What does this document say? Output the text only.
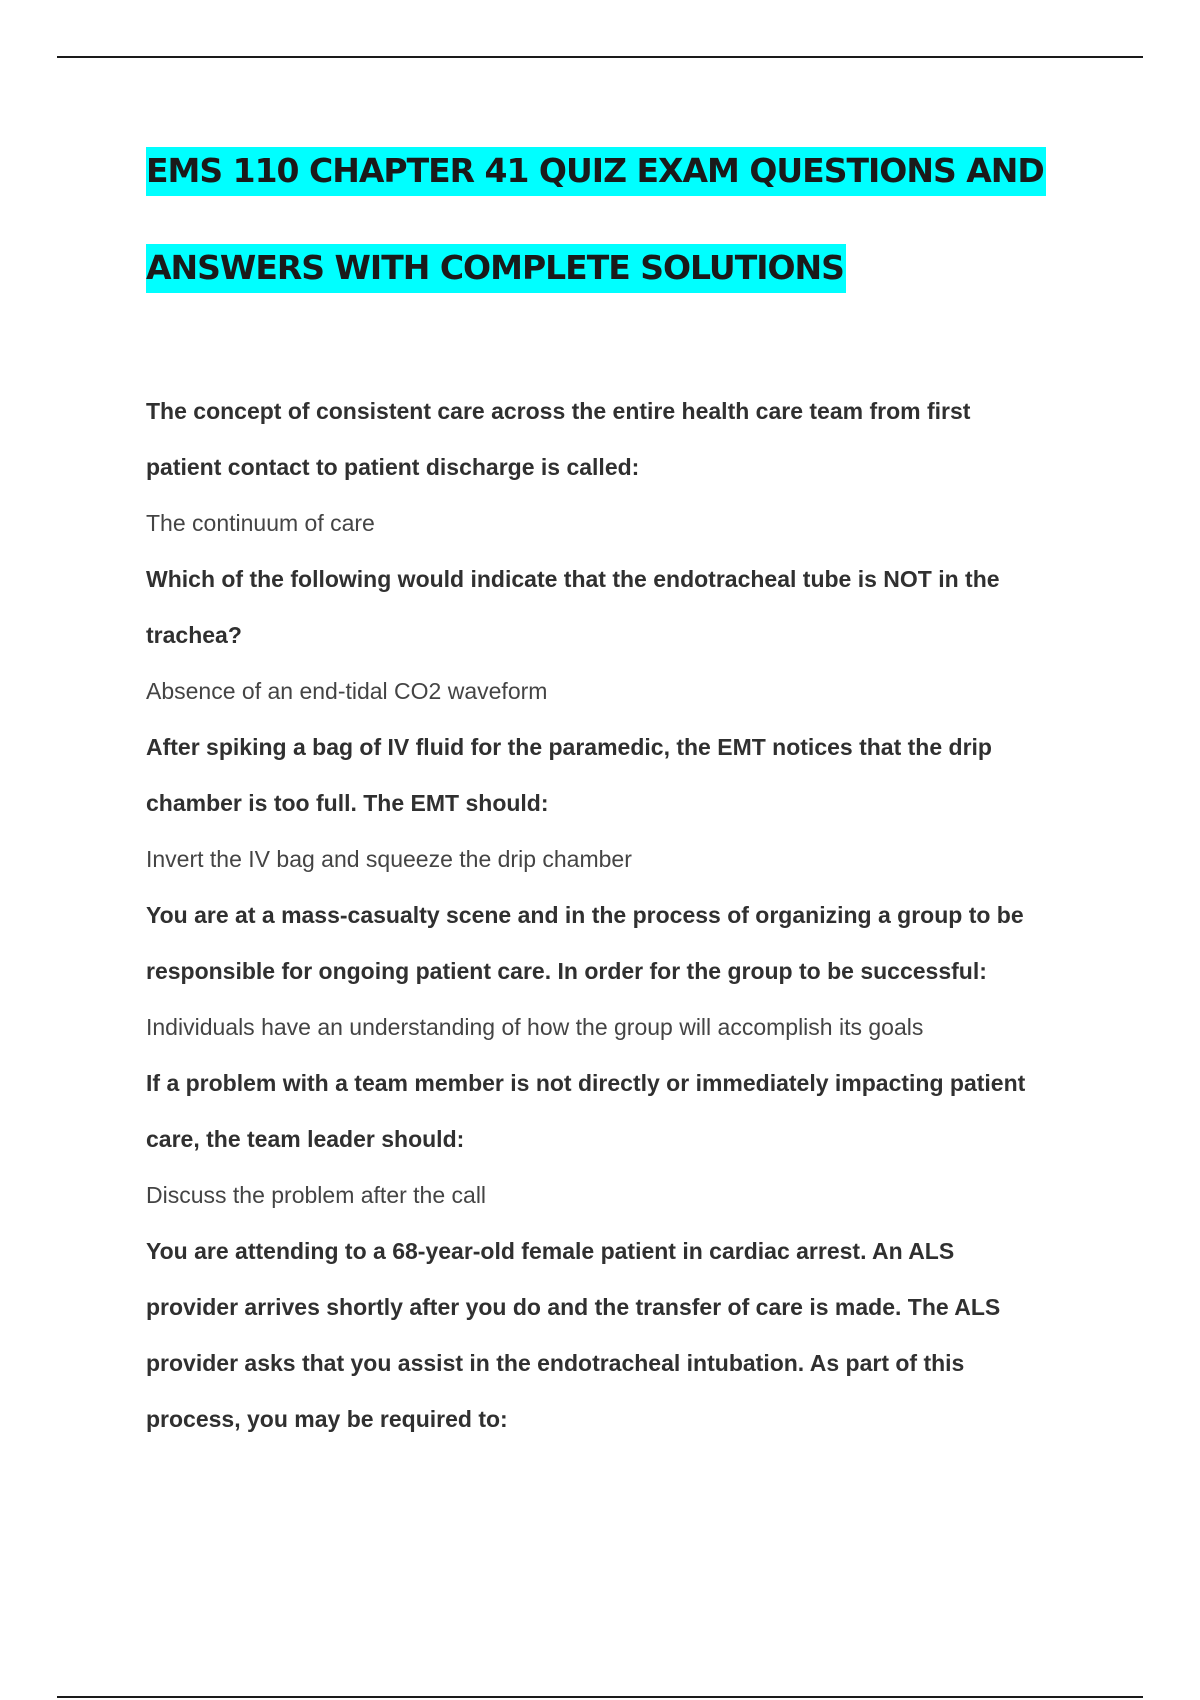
EMS 110 CHAPTER 41 QUIZ EXAM QUESTIONS AND
ANSWERS WITH COMPLETE SOLUTIONS

The concept of consistent care across the entire health care team from first
patient contact to patient discharge is called:

The continuum of care

Which of the following would indicate that the endotracheal tube is NOT in the
trachea?

Absence of an end-tidal CO2 waveform

After spiking a bag of IV fluid for the paramedic, the EMT notices that the drip
chamber is too full. The EMT should:

Invert the IV bag and squeeze the drip chamber

You are at a mass-casualty scene and in the process of organizing a group to be
responsible for ongoing patient care. In order for the group to be successful:

Individuals have an understanding of how the group will accomplish its goals

If a problem with a team member is not directly or immediately impacting patient
care, the team leader should:

Discuss the problem after the call

You are attending to a 68-year-old female patient in cardiac arrest. An ALS
provider arrives shortly after you do and the transfer of care is made. The ALS
provider asks that you assist in the endotracheal intubation. As part of this
process, you may be required to:
